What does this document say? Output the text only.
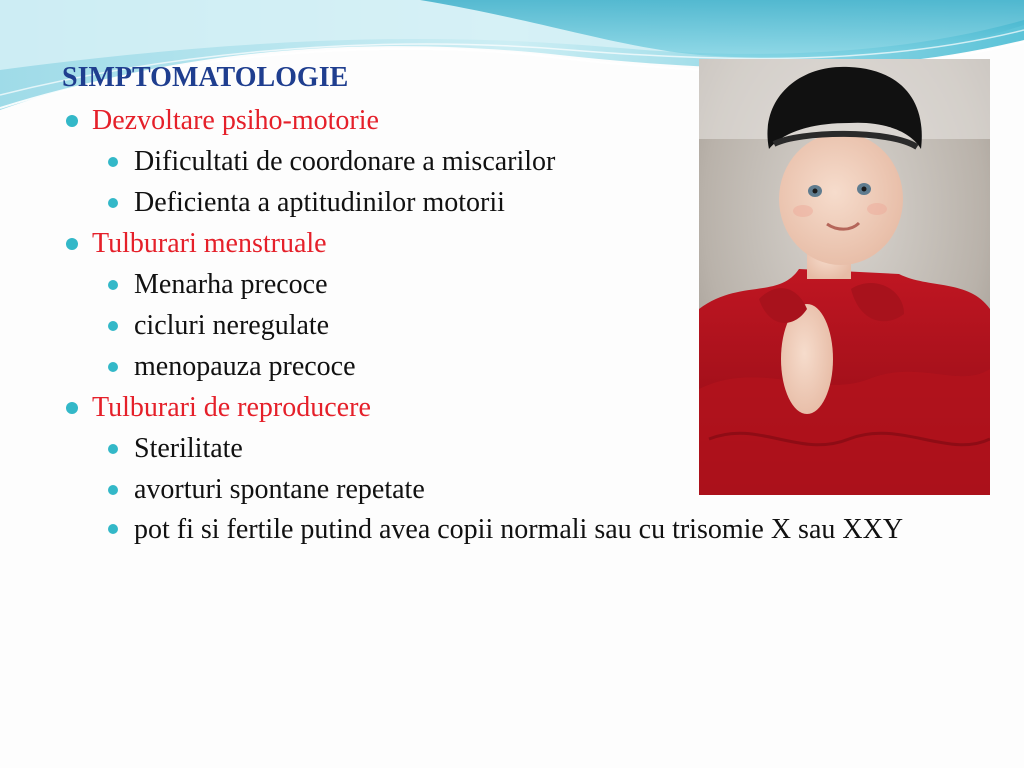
SIMPTOMATOLOGIE
Dezvoltare psiho-motorie
Dificultati de coordonare a miscarilor
Deficienta a aptitudinilor motorii
Tulburari menstruale
Menarha precoce
cicluri neregulate
menopauza precoce
Tulburari de reproducere
Sterilitate
avorturi spontane repetate
pot fi si fertile putind avea copii normali sau cu trisomie X sau XXY
